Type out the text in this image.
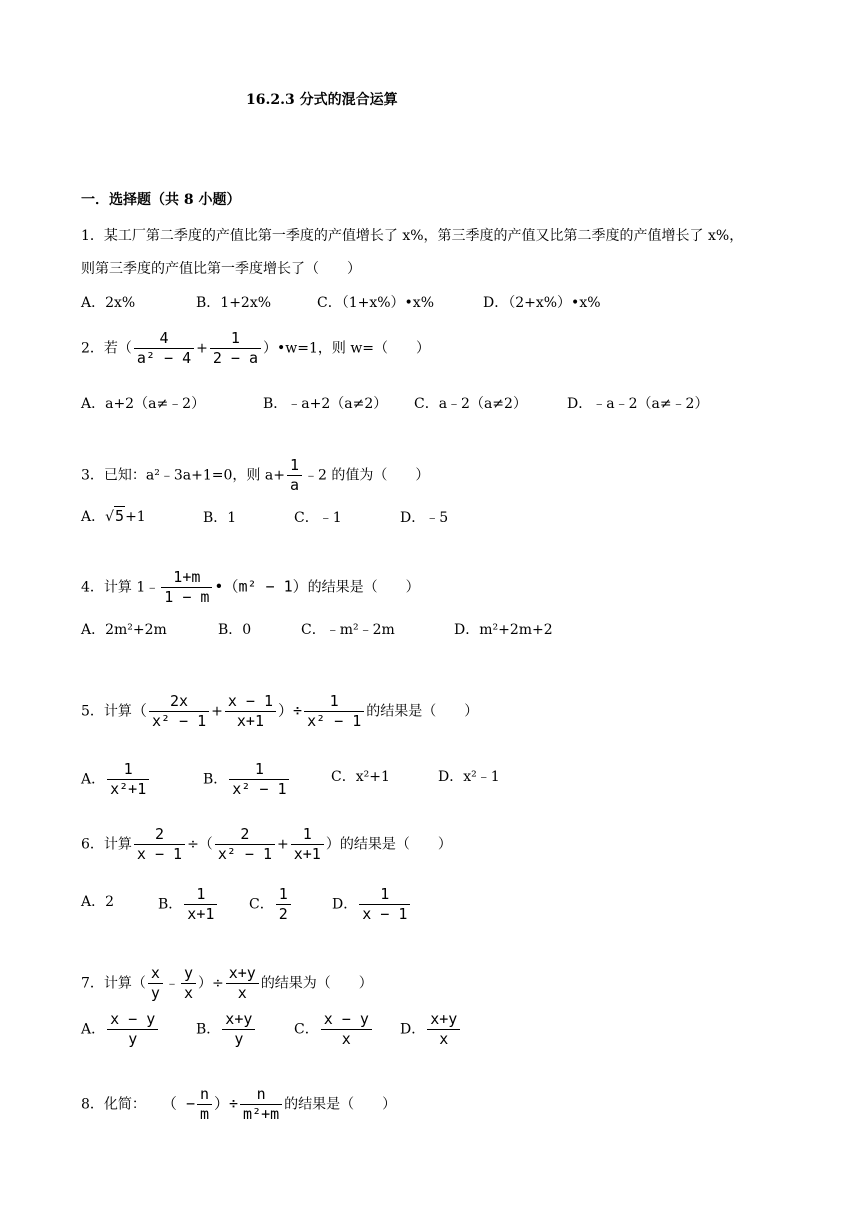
16.2.3 分式的混合运算
一．选择题（共 8 小题）
1．某工厂第二季度的产值比第一季度的产值增长了 x%，第三季度的产值又比第二季度的产值增长了 x%，
则第三季度的产值比第一季度增长了（　　）
A．2x%	B．1+2x%	C．（1+x%）•x%	D．（2+x%）•x%
2．若（ $\frac{4}{\text{a² − 4}} + \frac{1}{2 - a}$ ）•w=1，则 w=（　　）
A．a+2（a≠﹣2）	B．﹣a+2（a≠2） C．a﹣2（a≠2）	D．﹣a﹣2（a≠﹣2）
3．已知：a²﹣3a+1=0，则 $a+ \frac{1}{a}$ ﹣2 的值为（　　）
A．√5+1	B．1	C．﹣1	D．﹣5
4．计算 1﹣ $\frac{1+m}{1 - m}$ •（m² − 1）的结果是（　　）
A．2m²+2m	B．0	C．﹣m²﹣2m	D．m²+2m+2
5．计算（ $\frac{2x}{\text{x² − 1}} + \frac{x - 1}{x+1}$ ）÷ $\frac{1}{\text{x² − 1}}$ 的结果是（　　）
A． $\frac{1}{\text{x²+1}}$	B． $\frac{1}{\text{x² − 1}}$	C．x²+1	D．x²﹣1
6．计算 $\frac{2}{x - 1}$ ÷（ $\frac{2}{\text{x² − 1}} + \frac{1}{x+1}$ ）的结果是（　　）
A．2	B． $\frac{1}{x+1}$ C． $\frac{1}{2}$	D． $\frac{1}{x - 1}$
7．计算（ $\frac{x}{y}$ ﹣ $\frac{y}{x}$ ）÷ $\frac{x+y}{x}$ 的结果为（　　）
A． $\frac{x - y}{y}$	B． $\frac{x+y}{y}$	C． $\frac{x - y}{x}$ D． $\frac{x+y}{x}$
8．化简： （ − $\frac{n}{m}$ ）÷ $\frac{n}{\text{m²+m}}$ 的结果是（　　）
